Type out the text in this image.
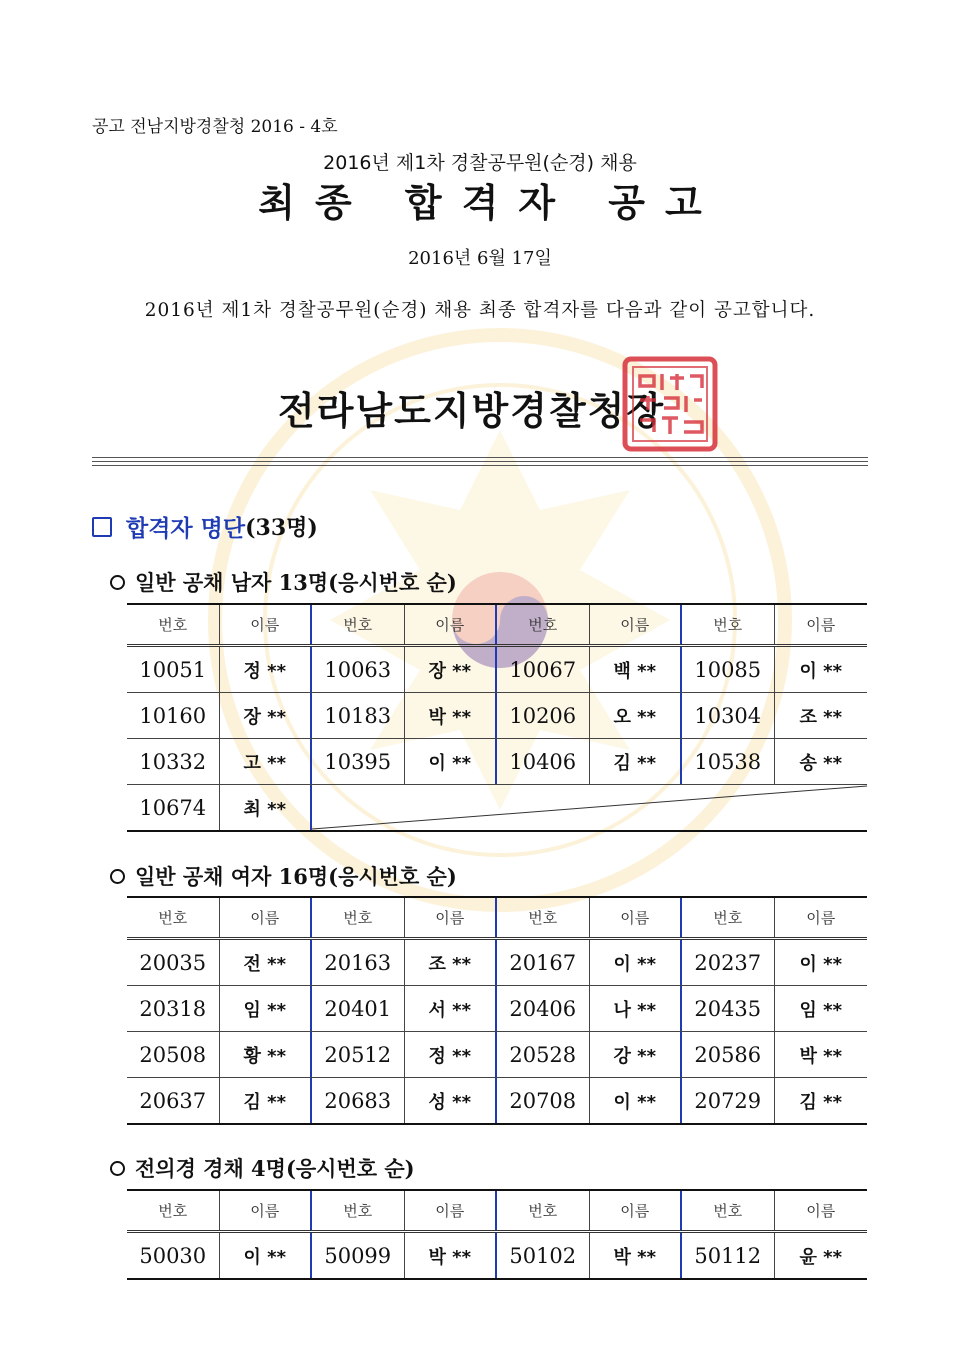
공고 전남지방경찰청 2016 - 4호
2016년 제1차 경찰공무원(순경) 채용
최종 합격자 공고
2016년 6월 17일
2016년 제1차 경찰공무원(순경) 채용 최종 합격자를 다음과 같이 공고합니다.
전라남도지방경찰청장
합격자 명단 (33명)
일반 공채 남자 13명(응시번호 순)
번호	이름	번호	이름	번호	이름	번호	이름
10051	정 **	10063	장 **	10067	백 **	10085	이 **
10160	장 **	10183	박 **	10206	오 **	10304	조 **
10332	고 **	10395	이 **	10406	김 **	10538	송 **
10674	최 **
일반 공채 여자 16명(응시번호 순)
번호	이름	번호	이름	번호	이름	번호	이름
20035	전 **	20163	조 **	20167	이 **	20237	이 **
20318	임 **	20401	서 **	20406	나 **	20435	임 **
20508	황 **	20512	정 **	20528	강 **	20586	박 **
20637	김 **	20683	성 **	20708	이 **	20729	김 **
전의경 경채 4명(응시번호 순)
번호	이름	번호	이름	번호	이름	번호	이름
50030	이 **	50099	박 **	50102	박 **	50112	윤 **
